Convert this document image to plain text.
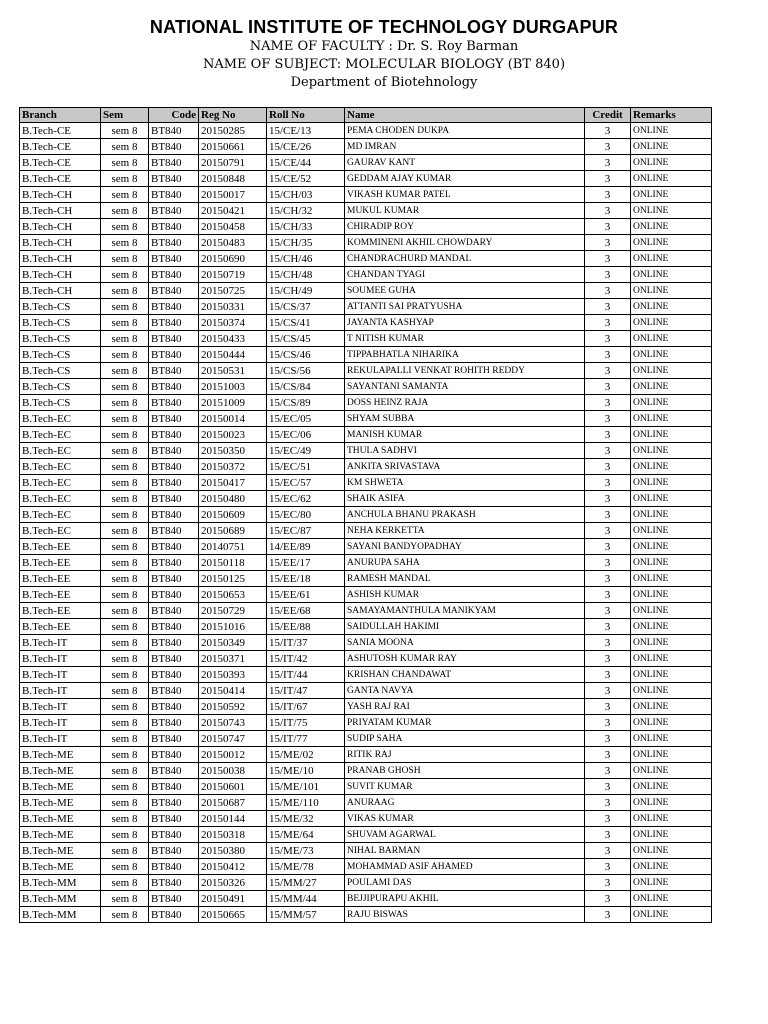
NATIONAL INSTITUTE OF TECHNOLOGY DURGAPUR
NAME OF FACULTY : Dr. S. Roy Barman
NAME OF SUBJECT: MOLECULAR BIOLOGY (BT 840)
Department of Biotehnology
Branch	Sem	Code	Reg No	Roll No	Name	Credit	Remarks
B.Tech-CE	sem 8	BT840	20150285	15/CE/13	PEMA CHODEN DUKPA	3	ONLINE
B.Tech-CE	sem 8	BT840	20150661	15/CE/26	MD IMRAN	3	ONLINE
B.Tech-CE	sem 8	BT840	20150791	15/CE/44	GAURAV KANT	3	ONLINE
B.Tech-CE	sem 8	BT840	20150848	15/CE/52	GEDDAM AJAY KUMAR	3	ONLINE
B.Tech-CH	sem 8	BT840	20150017	15/CH/03	VIKASH KUMAR PATEL	3	ONLINE
B.Tech-CH	sem 8	BT840	20150421	15/CH/32	MUKUL KUMAR	3	ONLINE
B.Tech-CH	sem 8	BT840	20150458	15/CH/33	CHIRADIP ROY	3	ONLINE
B.Tech-CH	sem 8	BT840	20150483	15/CH/35	KOMMINENI AKHIL CHOWDARY	3	ONLINE
B.Tech-CH	sem 8	BT840	20150690	15/CH/46	CHANDRACHURD MANDAL	3	ONLINE
B.Tech-CH	sem 8	BT840	20150719	15/CH/48	CHANDAN TYAGI	3	ONLINE
B.Tech-CH	sem 8	BT840	20150725	15/CH/49	SOUMEE GUHA	3	ONLINE
B.Tech-CS	sem 8	BT840	20150331	15/CS/37	ATTANTI SAI PRATYUSHA	3	ONLINE
B.Tech-CS	sem 8	BT840	20150374	15/CS/41	JAYANTA KASHYAP	3	ONLINE
B.Tech-CS	sem 8	BT840	20150433	15/CS/45	T NITISH KUMAR	3	ONLINE
B.Tech-CS	sem 8	BT840	20150444	15/CS/46	TIPPABHATLA NIHARIKA	3	ONLINE
B.Tech-CS	sem 8	BT840	20150531	15/CS/56	REKULAPALLI VENKAT ROHITH REDDY	3	ONLINE
B.Tech-CS	sem 8	BT840	20151003	15/CS/84	SAYANTANI SAMANTA	3	ONLINE
B.Tech-CS	sem 8	BT840	20151009	15/CS/89	DOSS HEINZ RAJA	3	ONLINE
B.Tech-EC	sem 8	BT840	20150014	15/EC/05	SHYAM SUBBA	3	ONLINE
B.Tech-EC	sem 8	BT840	20150023	15/EC/06	MANISH KUMAR	3	ONLINE
B.Tech-EC	sem 8	BT840	20150350	15/EC/49	THULA SADHVI	3	ONLINE
B.Tech-EC	sem 8	BT840	20150372	15/EC/51	ANKITA SRIVASTAVA	3	ONLINE
B.Tech-EC	sem 8	BT840	20150417	15/EC/57	KM SHWETA	3	ONLINE
B.Tech-EC	sem 8	BT840	20150480	15/EC/62	SHAIK ASIFA	3	ONLINE
B.Tech-EC	sem 8	BT840	20150609	15/EC/80	ANCHULA BHANU PRAKASH	3	ONLINE
B.Tech-EC	sem 8	BT840	20150689	15/EC/87	NEHA KERKETTA	3	ONLINE
B.Tech-EE	sem 8	BT840	20140751	14/EE/89	SAYANI BANDYOPADHAY	3	ONLINE
B.Tech-EE	sem 8	BT840	20150118	15/EE/17	ANURUPA SAHA	3	ONLINE
B.Tech-EE	sem 8	BT840	20150125	15/EE/18	RAMESH MANDAL	3	ONLINE
B.Tech-EE	sem 8	BT840	20150653	15/EE/61	ASHISH KUMAR	3	ONLINE
B.Tech-EE	sem 8	BT840	20150729	15/EE/68	SAMAYAMANTHULA MANIKYAM	3	ONLINE
B.Tech-EE	sem 8	BT840	20151016	15/EE/88	SAIDULLAH HAKIMI	3	ONLINE
B.Tech-IT	sem 8	BT840	20150349	15/IT/37	SANIA MOONA	3	ONLINE
B.Tech-IT	sem 8	BT840	20150371	15/IT/42	ASHUTOSH KUMAR RAY	3	ONLINE
B.Tech-IT	sem 8	BT840	20150393	15/IT/44	KRISHAN CHANDAWAT	3	ONLINE
B.Tech-IT	sem 8	BT840	20150414	15/IT/47	GANTA NAVYA	3	ONLINE
B.Tech-IT	sem 8	BT840	20150592	15/IT/67	YASH RAJ RAI	3	ONLINE
B.Tech-IT	sem 8	BT840	20150743	15/IT/75	PRIYATAM KUMAR	3	ONLINE
B.Tech-IT	sem 8	BT840	20150747	15/IT/77	SUDIP SAHA	3	ONLINE
B.Tech-ME	sem 8	BT840	20150012	15/ME/02	RITIK RAJ	3	ONLINE
B.Tech-ME	sem 8	BT840	20150038	15/ME/10	PRANAB GHOSH	3	ONLINE
B.Tech-ME	sem 8	BT840	20150601	15/ME/101	SUVIT KUMAR	3	ONLINE
B.Tech-ME	sem 8	BT840	20150687	15/ME/110	ANURAAG	3	ONLINE
B.Tech-ME	sem 8	BT840	20150144	15/ME/32	VIKAS KUMAR	3	ONLINE
B.Tech-ME	sem 8	BT840	20150318	15/ME/64	SHUVAM AGARWAL	3	ONLINE
B.Tech-ME	sem 8	BT840	20150380	15/ME/73	NIHAL BARMAN	3	ONLINE
B.Tech-ME	sem 8	BT840	20150412	15/ME/78	MOHAMMAD ASIF AHAMED	3	ONLINE
B.Tech-MM	sem 8	BT840	20150326	15/MM/27	POULAMI DAS	3	ONLINE
B.Tech-MM	sem 8	BT840	20150491	15/MM/44	BEJJIPURAPU AKHIL	3	ONLINE
B.Tech-MM	sem 8	BT840	20150665	15/MM/57	RAJU BISWAS	3	ONLINE
